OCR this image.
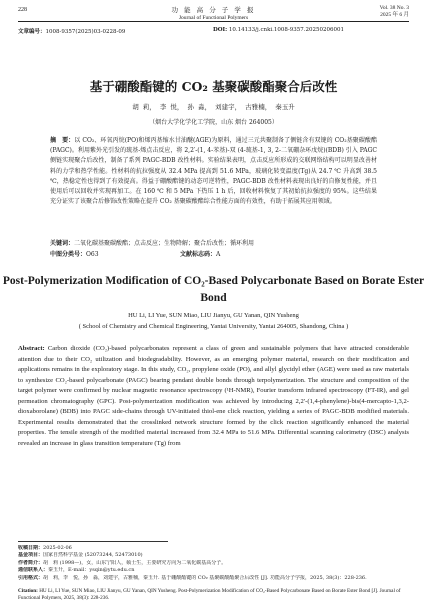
228	功 能 高 分 子 学 报
Journal of Functional Polymers
Vol. 38 No. 3
2025 年 6 月
文章编号：1008-9357(2025)03-0228-09	DOI: 10.14133/j.cnki.1008-9357.20250206001
基于硼酸酯键的 CO₂ 基聚碳酸酯聚合后改性
胡 莉， 李 悦， 孙 淼， 刘建宇， 古雅楠， 秦玉升
（烟台大学化学化工学院，山东 烟台 264005）
摘　要：以 CO₂、环氧丙烷(PO)和烯丙基缩水甘油醚(AGE)为原料，通过三元共聚制备了侧链含有双键的 CO₂基聚碳酸酯(PAGC)。利用紫外光引发的巯基-烯点击反应，将 2,2′-(1, 4-苯基)-双 (4-巯基-1, 3, 2-二氧硼杂环戊烷)(BDB) 引入 PAGC 侧链实现聚合后改性，制备了系列 PAGC-BDB 改性材料。实验结果表明，点击反应所形成的交联网络结构可以明显改善材料的力学和热学性能。性材料的抗拉强度从 32.4 MPa 提高到 51.6 MPa，玻璃化转变温度(Tg)从 24.7 ℃ 升高到 38.5 ℃，热稳定性也得到了有效提高。得益于硼酸酯键的动态可逆特性，PAGC-BDB 改性材料表现出良好的自修复性能，并且使用后可以回收并实现再加工。在 160 ℃ 和 5 MPa 下热压 1 h 后，回收材料恢复了其初始抗拉强度的 95%。这些结果充分证实了该聚合后修饰改性策略在提升 CO₂ 基聚碳酸酯综合性能方面的有效性，有助于拓展其应用领域。
关键词：二氧化碳基聚碳酸酯；点击反应；生物降解；聚合后改性；循环利用
中图分类号：O63	文献标志码：A
Post-Polymerization Modification of CO₂-Based Polycarbonate Based on Borate Ester Bond
HU Li, LI Yue, SUN Miao, LIU Jianyu, GU Yanan, QIN Yusheng
( School of Chemistry and Chemical Engineering, Yantai University, Yantai 264005, Shandong, China )
Abstract: Carbon dioxide (CO₂)-based polycarbonates represent a class of green and sustainable polymers that have attracted considerable attention due to their CO₂ utilization and biodegradability. However, as an emerging polymer material, research on their modification and applications remains in the exploratory stage. In this study, CO₂, propylene oxide (PO), and allyl glycidyl ether (AGE) were used as raw materials to synthesize CO₂-based polycarbonate (PAGC) bearing pendant double bonds through terpolymerization. The structure and composition of the target polymer were confirmed by nuclear magnetic resonance spectroscopy (¹H-NMR), Fourier transform infrared spectroscopy (FT-IR), and gel permeation chromatography (GPC). Post-polymerization modification was achieved by introducing 2,2′-(1,4-phenylene)-bis(4-mercapto-1,3,2-dioxaborolane) (BDB) into PAGC side-chains through UV-initiated thiol-ene click reaction, yielding a series of PAGC-BDB modified materials. Experimental results demonstrated that the crosslinked network structure formed by the click reaction significantly enhanced the material properties. The tensile strength of the modified material increased from 32.4 MPa to 51.6 MPa. Differential scanning calorimetry (DSC) analysis revealed an increase in glass transition temperature (Tg) from
收稿日期：2025-02-06
基金项目：国家自然科学基金 (52073244, 52473010)
作者简介：胡　莉 (1998—)，女，山东宁阳人，硕士生，主要研究方向为二氧化碳基高分子。
通信联系人：秦玉升，E-mail：ysqin@ytu.edu.cn
引用格式：胡　莉，李　悦，孙　淼，刘建宇，古雅楠，秦玉升. 基于硼酸酯键的 CO₂ 基聚碳酸酯聚合后改性 [J]. 功能高分子学报，2025, 38(3)：228-236.
Citation: HU Li, LI Yue, SUN Miao, LIU Jianyu, GU Yanan, QIN Yusheng. Post-Polymerization Modification of CO₂-Based Polycarbonate Based on Borate Ester Bond [J]. Journal of Functional Polymers, 2025, 38(3): 228-236.
